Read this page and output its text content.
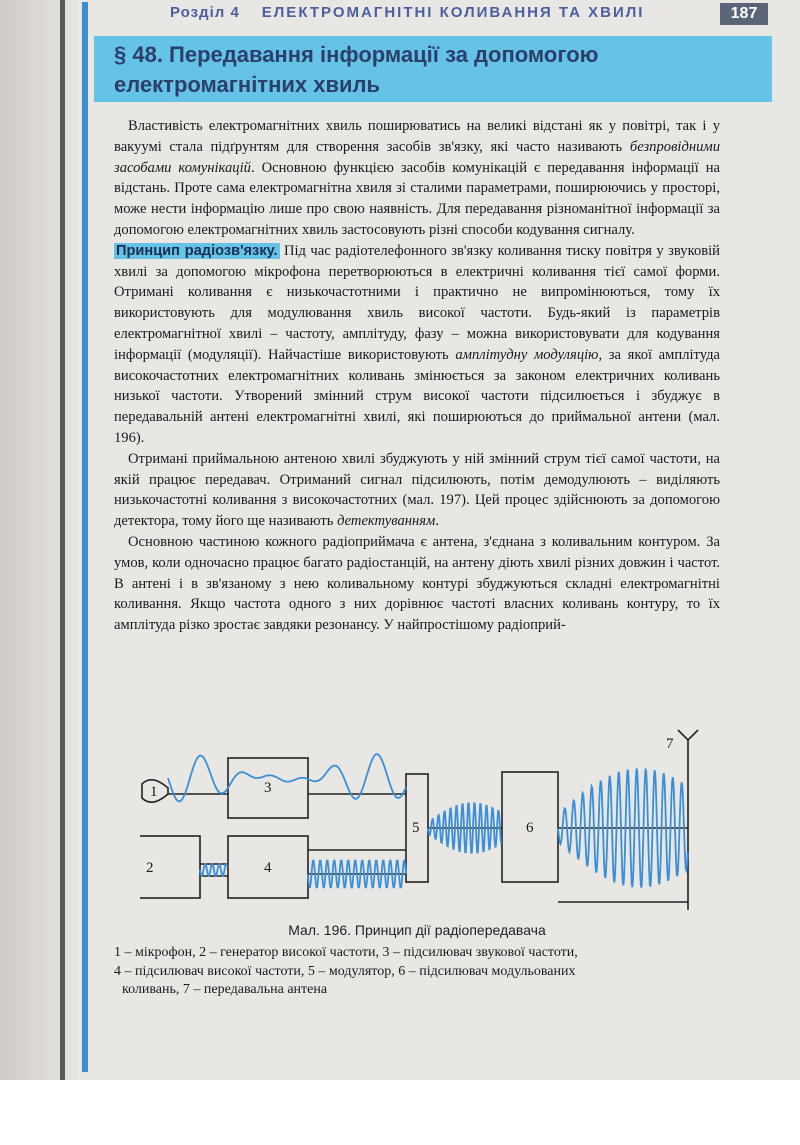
Розділ 4 ЕЛЕКТРОМАГНІТНІ КОЛИВАННЯ ТА ХВИЛІ	187
§ 48. Передавання інформації за допомогою
електромагнітних хвиль

Властивість електромагнітних хвиль поширюватись на великі відстані як у повітрі, так і у вакуумі стала підґрунтям для створення засобів зв'язку, які часто називають безпровідними засобами комунікацій. Основною функцією засобів комунікацій є передавання інформації на відстань. Проте сама електромагнітна хвиля зі сталими параметрами, поширюючись у просторі, може нести інформацію лише про свою наявність. Для передавання різноманітної інформації за допомогою електромагнітних хвиль застосовують різні способи кодування сигналу.

Принцип радіозв'язку. Під час радіотелефонного зв'язку коливання тиску повітря у звуковій хвилі за допомогою мікрофона перетворюються в електричні коливання тієї самої форми. Отримані коливання є низькочастотними і практично не випромінюються, тому їх використовують для модулювання хвиль високої частоти. Будь-який із параметрів електромагнітної хвилі – частоту, амплітуду, фазу – можна використовувати для кодування інформації (модуляції). Найчастіше використовують амплітудну модуляцію, за якої амплітуда високочастотних електромагнітних коливань змінюється за законом електричних коливань низької частоти. Утворений змінний струм високої частоти підсилюється і збуджує в передавальній антені електромагнітні хвилі, які поширюються до приймальної антени (мал. 196).

Отримані приймальною антеною хвилі збуджують у ній змінний струм тієї самої частоти, на якій працює передавач. Отриманий сигнал підсилюють, потім демодулюють – виділяють низькочастотні коливання з високочастотних (мал. 197). Цей процес здійснюють за допомогою детектора, тому його ще називають детектуванням.

Основною частиною кожного радіоприймача є антена, з'єднана з коливальним контуром. За умов, коли одночасно працює багато радіостанцій, на антену діють хвилі різних довжин і частот. В антені і в зв'язаному з нею коливальному контурі збуджуються складні електромагнітні коливання. Якщо частота одного з них дорівнює частоті власних коливань контуру, то їх амплітуда різко зростає завдяки резонансу. У найпростішому радіоприй-

1
2
3
4
5	6
7
Мал. 196. Принцип дії радіопередавача
1 – мікрофон, 2 – генератор високої частоти, 3 – підсилювач звукової частоти,
4 – підсилювач високої частоти, 5 – модулятор, 6 – підсилювач модульованих
коливань, 7 – передавальна антена
